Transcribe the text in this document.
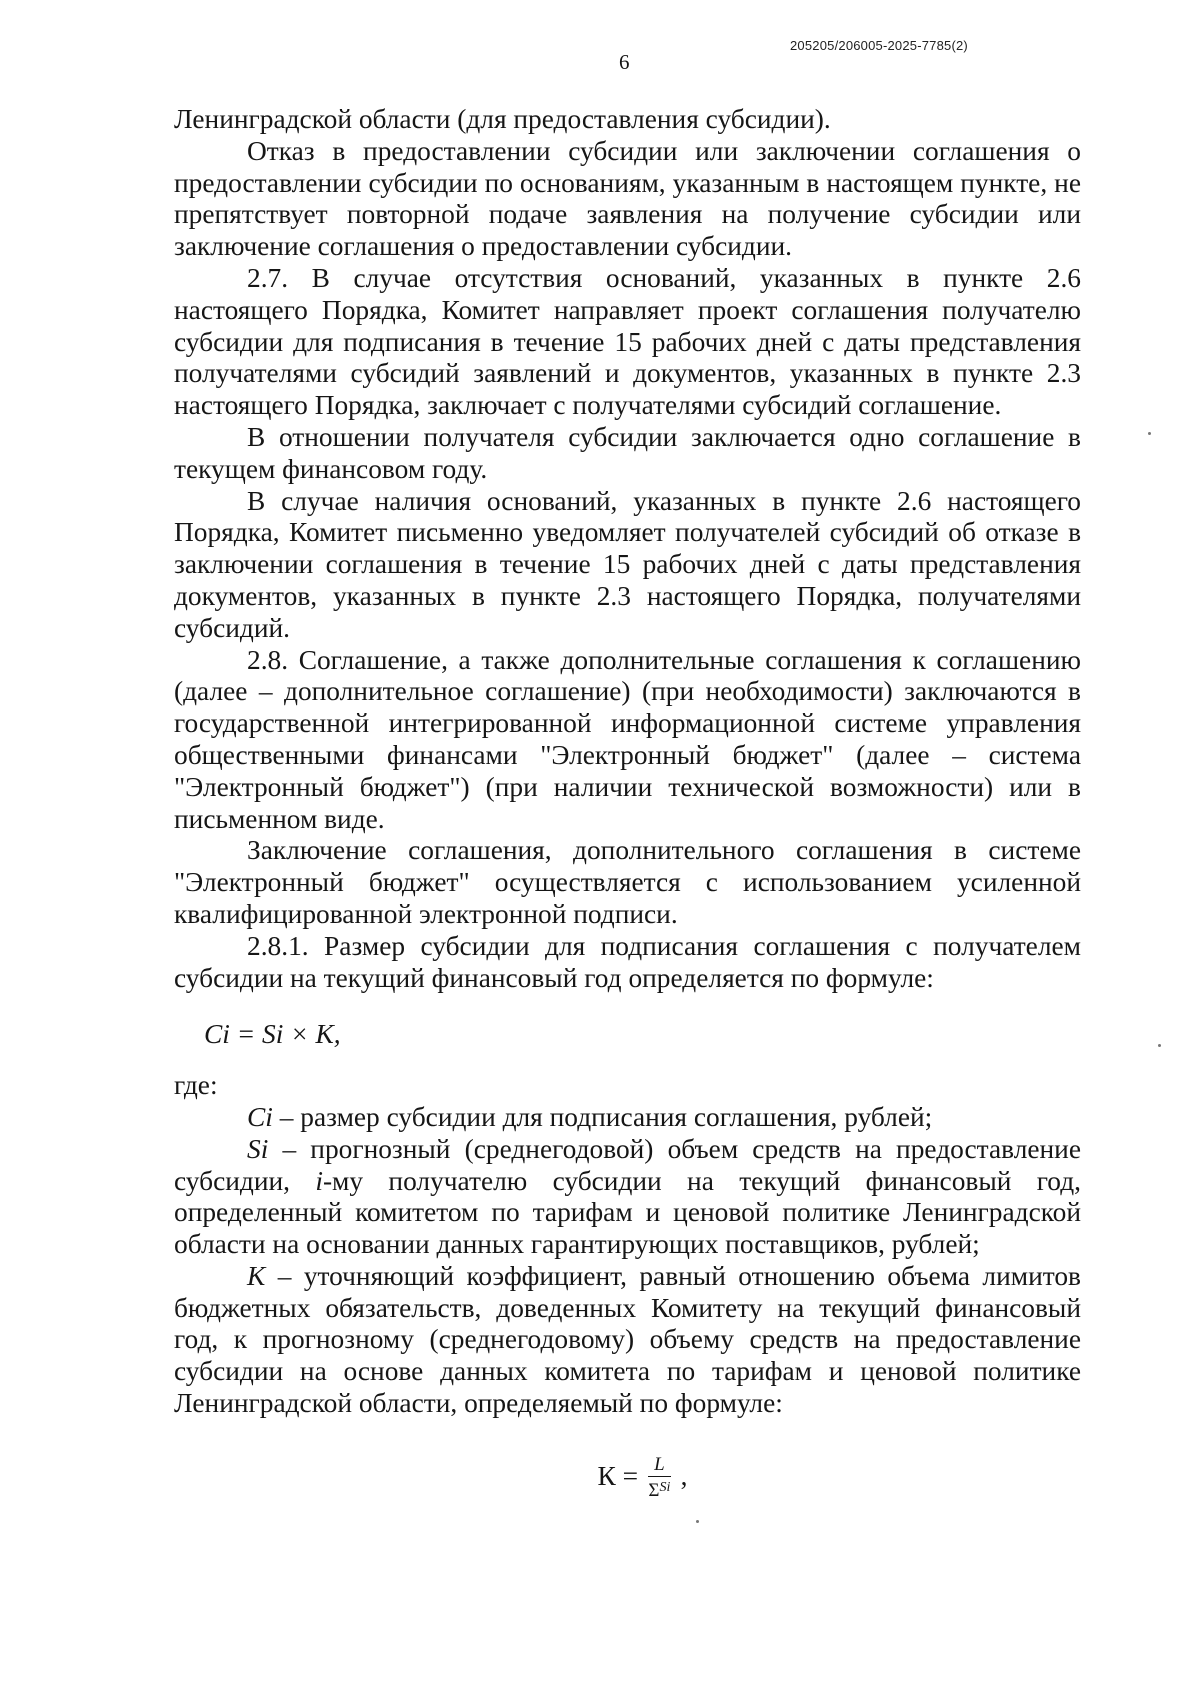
205205/206005-2025-7785(2)
6

Ленинградской области (для предоставления субсидии).

Отказ в предоставлении субсидии или заключении соглашения о предоставлении субсидии по основаниям, указанным в настоящем пункте, не препятствует повторной подаче заявления на получение субсидии или заключение соглашения о предоставлении субсидии.

2.7. В случае отсутствия оснований, указанных в пункте 2.6 настоящего Порядка, Комитет направляет проект соглашения получателю субсидии для подписания в течение 15 рабочих дней с даты представления получателями субсидий заявлений и документов, указанных в пункте 2.3 настоящего Порядка, заключает с получателями субсидий соглашение.

В отношении получателя субсидии заключается одно соглашение в текущем финансовом году.

В случае наличия оснований, указанных в пункте 2.6 настоящего Порядка, Комитет письменно уведомляет получателей субсидий об отказе в заключении соглашения в течение 15 рабочих дней с даты представления документов, указанных в пункте 2.3 настоящего Порядка, получателями субсидий.

2.8. Соглашение, а также дополнительные соглашения к соглашению (далее – дополнительное соглашение) (при необходимости) заключаются в государственной интегрированной информационной системе управления общественными финансами "Электронный бюджет" (далее – система "Электронный бюджет") (при наличии технической возможности) или в письменном виде.

Заключение соглашения, дополнительного соглашения в системе "Электронный бюджет" осуществляется с использованием усиленной квалифицированной электронной подписи.

2.8.1. Размер субсидии для подписания соглашения с получателем субсидии на текущий финансовый год определяется по формуле:

Ci = Si × K,

где:

Ci – размер субсидии для подписания соглашения, рублей;

Si – прогнозный (среднегодовой) объем средств на предоставление субсидии, i-му получателю субсидии на текущий финансовый год, определенный комитетом по тарифам и ценовой политике Ленинградской области на основании данных гарантирующих поставщиков, рублей;

K – уточняющий коэффициент, равный отношению объема лимитов бюджетных обязательств, доведенных Комитету на текущий финансовый год, к прогнозному (среднегодовому) объему средств на предоставление субсидии на основе данных комитета по тарифам и ценовой политике Ленинградской области, определяемый по формуле:

$К = \frac{L}{\Sigma^{Si}}$ ,
